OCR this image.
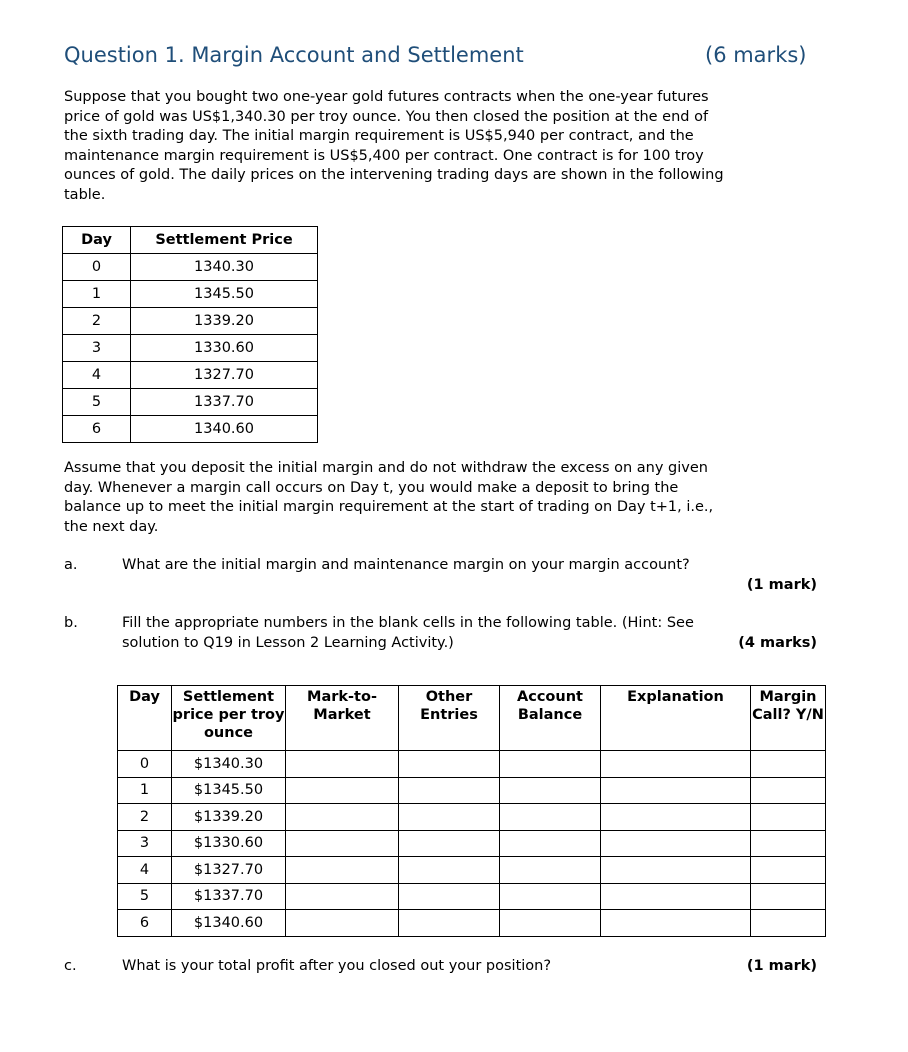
Question 1. Margin Account and Settlement	(6 marks)
Suppose that you bought two one-year gold futures contracts when the one-year futures
price of gold was US$1,340.30 per troy ounce. You then closed the position at the end of
the sixth trading day. The initial margin requirement is US$5,940 per contract, and the
maintenance margin requirement is US$5,400 per contract. One contract is for 100 troy
ounces of gold. The daily prices on the intervening trading days are shown in the following
table.
Day	Settlement Price
0	1340.30
1	1345.50
2	1339.20
3	1330.60
4	1327.70
5	1337.70
6	1340.60
Assume that you deposit the initial margin and do not withdraw the excess on any given
day. Whenever a margin call occurs on Day t, you would make a deposit to bring the
balance up to meet the initial margin requirement at the start of trading on Day t+1, i.e.,
the next day.
a.	What are the initial margin and maintenance margin on your margin account?
(1 mark)
b.	Fill the appropriate numbers in the blank cells in the following table. (Hint: See
solution to Q19 in Lesson 2 Learning Activity.)	(4 marks)
Day	Settlement price per troy ounce	Mark-to- Market	Other Entries	Account Balance	Explanation	Margin Call? Y/N
0	$1340.30					
1	$1345.50					
2	$1339.20					
3	$1330.60					
4	$1327.70					
5	$1337.70					
6	$1340.60					
c.	What is your total profit after you closed out your position?	(1 mark)
